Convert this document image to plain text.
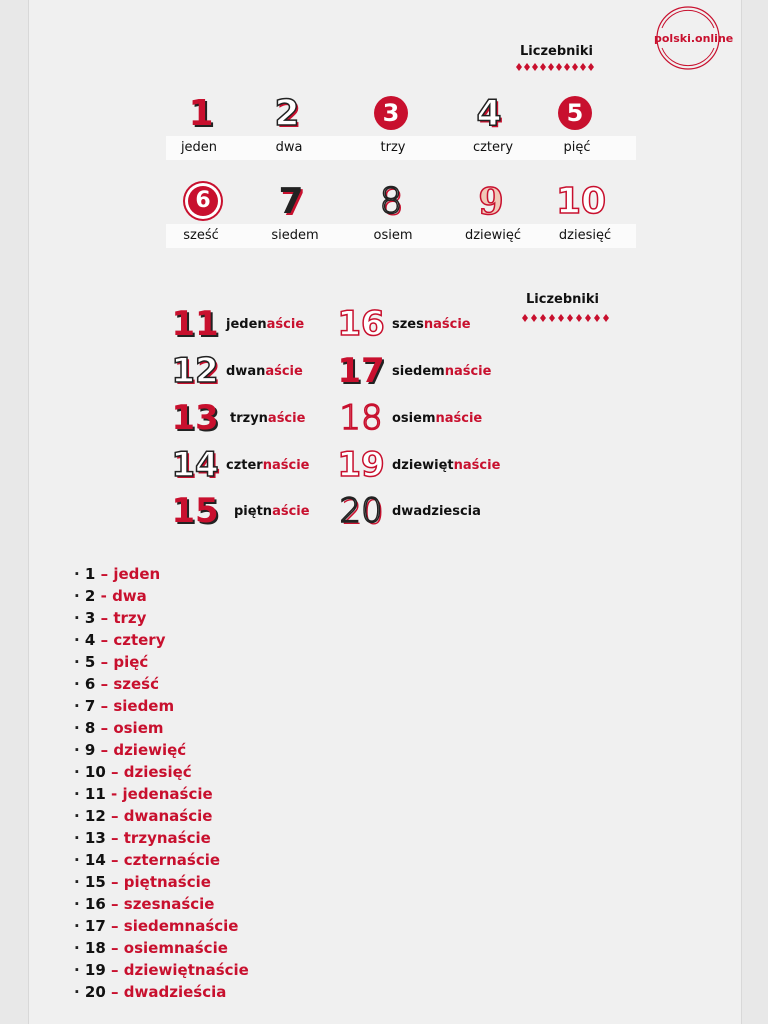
polski.online
Liczebniki
1	2	3	4	5
jeden	dwa	trzy	cztery	pięć
6	7	8	9	10
sześć	siedem	osiem	dziewięć	dziesięć
Liczebniki
11 jedenaście
12 dwanaście
13 trzynaście
14 czternaście
15 piętnaście
16 szesnaście
17 siedemnaście
18 osiemnaście
19 dziewiętnaście
20 dwadziescia
· 1 – jeden
· 2 - dwa
· 3 – trzy
· 4 – cztery
· 5 – pięć
· 6 – sześć
· 7 – siedem
· 8 – osiem
· 9 – dziewięć
· 10 – dziesięć
· 11 - jedenaście
· 12 – dwanaście
· 13 – trzynaście
· 14 – czternaście
· 15 – piętnaście
· 16 – szesnaście
· 17 – siedemnaście
· 18 – osiemnaście
· 19 – dziewiętnaście
· 20 – dwadzieścia
